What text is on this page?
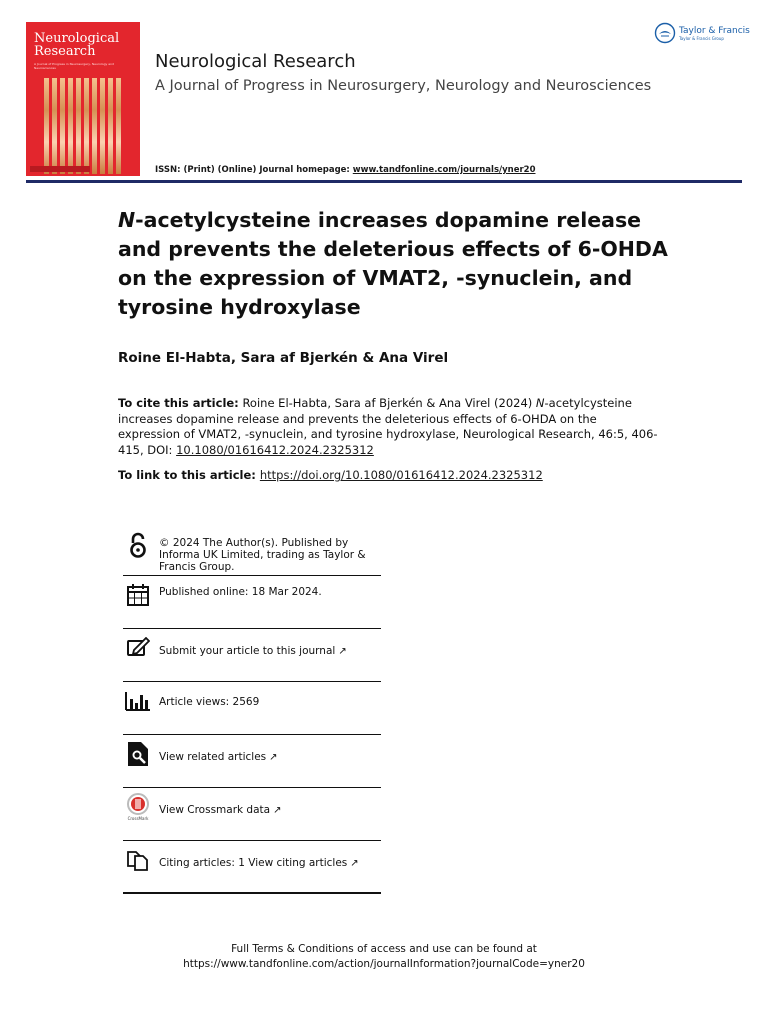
Neurological
Research
A Journal of Progress in Neurosurgery, Neurology and Neurosciences	Neurological Research
A Journal of Progress in Neurosurgery, Neurology and Neurosciences
ISSN: (Print) (Online) Journal homepage: www.tandfonline.com/journals/yner20
Taylor & Francis
Taylor & Francis Group
N-acetylcysteine increases dopamine release and prevents the deleterious effects of 6-OHDA on the expression of VMAT2, -synuclein, and tyrosine hydroxylase
Roine El-Habta, Sara af Bjerkén & Ana Virel
To cite this article: Roine El-Habta, Sara af Bjerkén & Ana Virel (2024) N-acetylcysteine increases dopamine release and prevents the deleterious effects of 6-OHDA on the expression of VMAT2, -synuclein, and tyrosine hydroxylase, Neurological Research, 46:5, 406-415, DOI: 10.1080/01616412.2024.2325312
To link to this article: https://doi.org/10.1080/01616412.2024.2325312
© 2024 The Author(s). Published by Informa UK Limited, trading as Taylor & Francis Group.
Published online: 18 Mar 2024.
Submit your article to this journal ↗
Article views: 2569
View related articles ↗
CrossMark
View Crossmark data ↗
Citing articles: 1 View citing articles ↗
Full Terms & Conditions of access and use can be found at
https://www.tandfonline.com/action/journalInformation?journalCode=yner20
